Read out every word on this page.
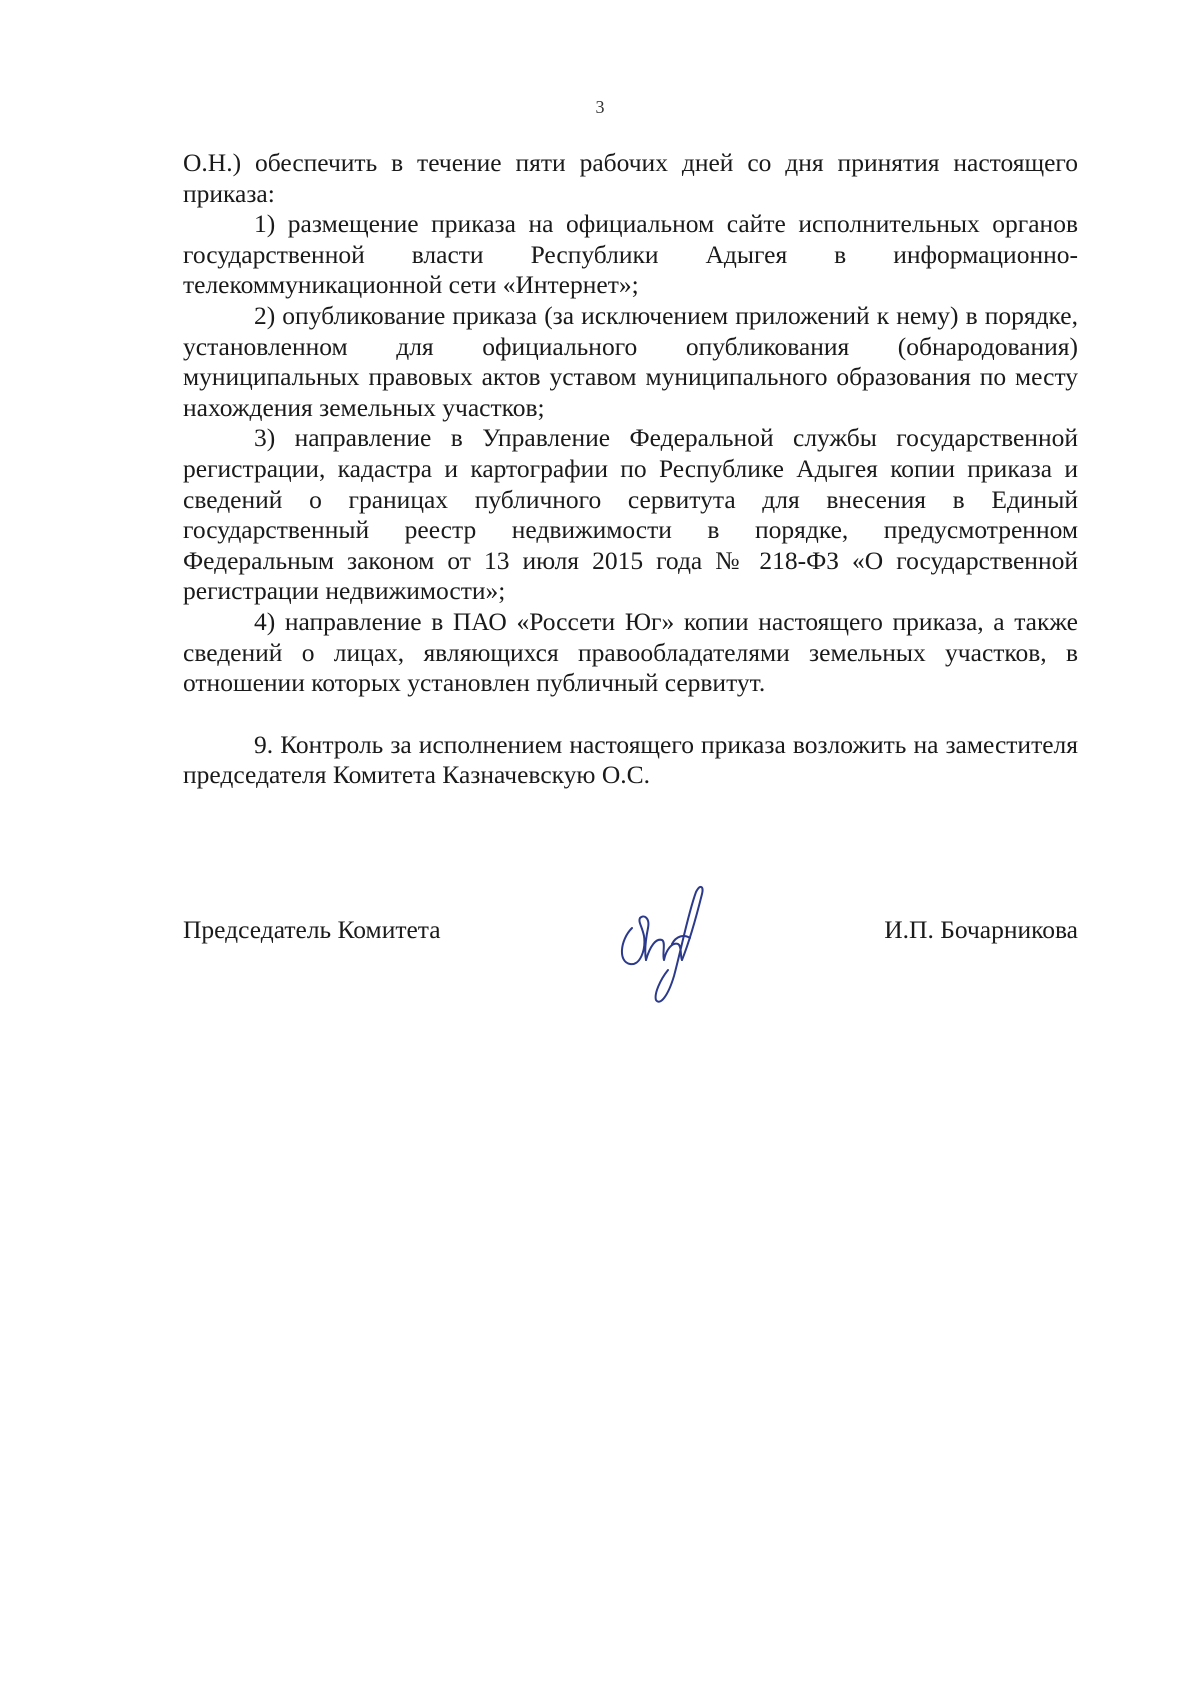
3

О.Н.) обеспечить в течение пяти рабочих дней со дня принятия настоящего приказа:

1) размещение приказа на официальном сайте исполнительных органов государственной власти Республики Адыгея в информационно-телекоммуникационной сети «Интернет»;

2) опубликование приказа (за исключением приложений к нему) в порядке, установленном для официального опубликования (обнародования) муниципальных правовых актов уставом муниципального образования по месту нахождения земельных участков;

3) направление в Управление Федеральной службы государственной регистрации, кадастра и картографии по Республике Адыгея копии приказа и сведений о границах публичного сервитута для внесения в Единый государственный реестр недвижимости в порядке, предусмотренном Федеральным законом от 13 июля 2015 года № 218-ФЗ «О государственной регистрации недвижимости»;

4) направление в ПАО «Россети Юг» копии настоящего приказа, а также сведений о лицах, являющихся правообладателями земельных участков, в отношении которых установлен публичный сервитут.

9. Контроль за исполнением настоящего приказа возложить на заместителя председателя Комитета Казначевскую О.С.

Председатель Комитета	И.П. Бочарникова
